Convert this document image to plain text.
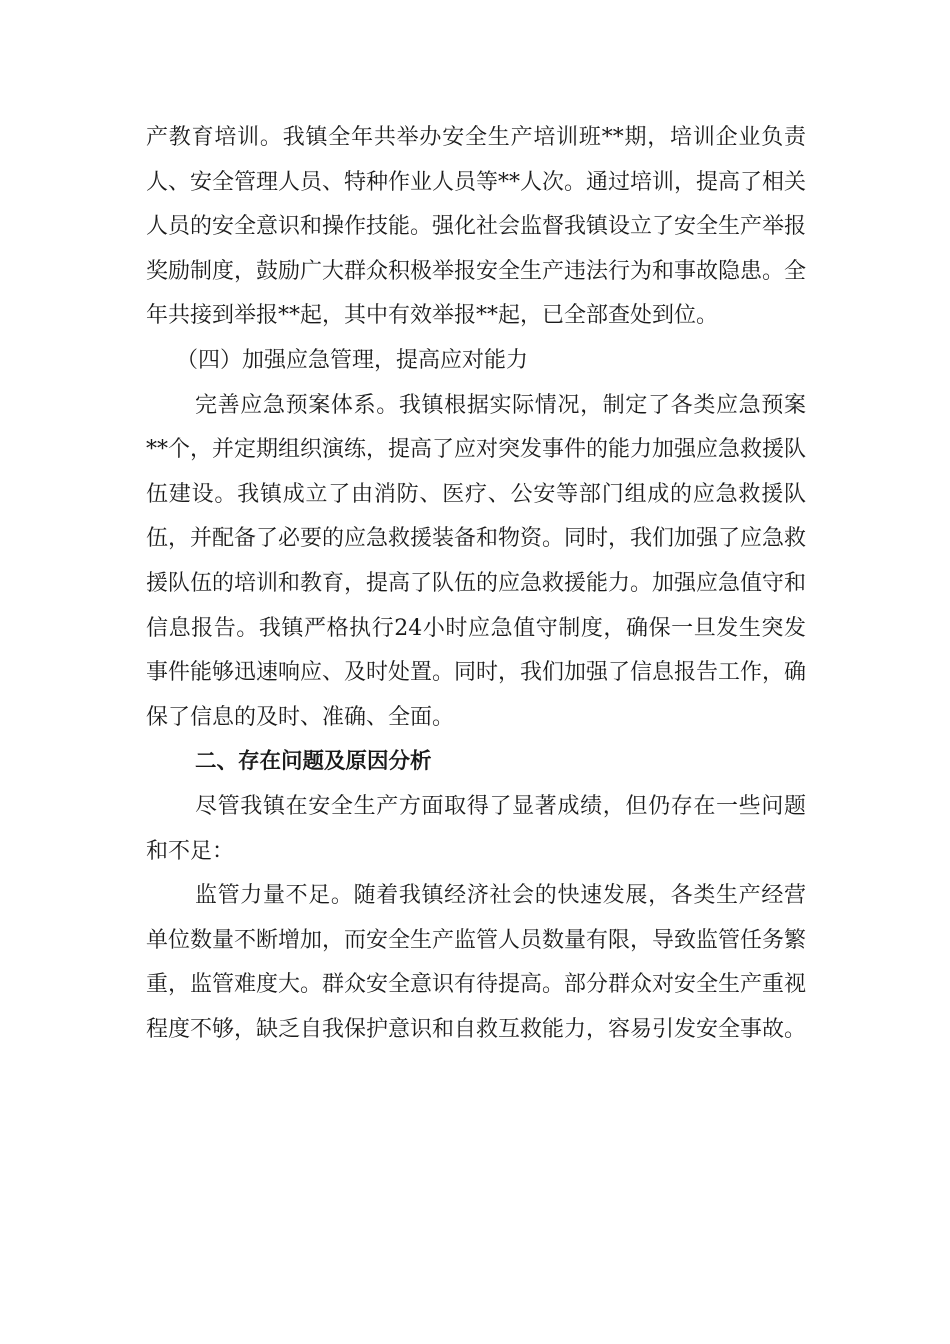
产教育培训。我镇全年共举办安全生产培训班**期，培训企业负责人、安全管理人员、特种作业人员等**人次。通过培训，提高了相关人员的安全意识和操作技能。强化社会监督我镇设立了安全生产举报奖励制度，鼓励广大群众积极举报安全生产违法行为和事故隐患。全年共接到举报**起，其中有效举报**起，已全部查处到位。

（四）加强应急管理，提高应对能力

完善应急预案体系。我镇根据实际情况，制定了各类应急预案**个，并定期组织演练，提高了应对突发事件的能力加强应急救援队伍建设。我镇成立了由消防、医疗、公安等部门组成的应急救援队伍，并配备了必要的应急救援装备和物资。同时，我们加强了应急救援队伍的培训和教育，提高了队伍的应急救援能力。加强应急值守和信息报告。我镇严格执行24小时应急值守制度，确保一旦发生突发事件能够迅速响应、及时处置。同时，我们加强了信息报告工作，确保了信息的及时、准确、全面。

二、存在问题及原因分析

尽管我镇在安全生产方面取得了显著成绩，但仍存在一些问题和不足：

监管力量不足。随着我镇经济社会的快速发展，各类生产经营单位数量不断增加，而安全生产监管人员数量有限，导致监管任务繁重，监管难度大。群众安全意识有待提高。部分群众对安全生产重视程度不够，缺乏自我保护意识和自救互救能力，容易引发安全事故。
